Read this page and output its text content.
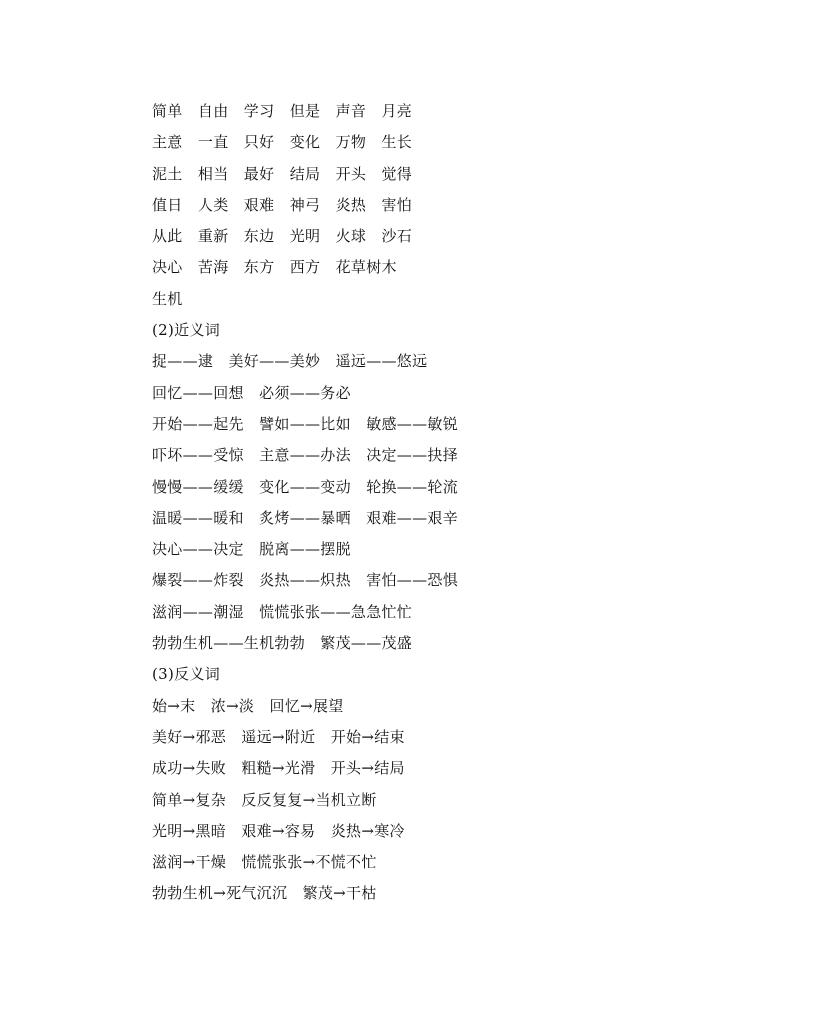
简单　自由　学习　但是　声音　月亮
主意　一直　只好　变化　万物　生长
泥土　相当　最好　结局　开头　觉得
值日　人类　艰难　神弓　炎热　害怕
从此　重新　东边　光明　火球　沙石
决心　苦海　东方　西方　花草树木
生机
(2)近义词
捉——逮　美好——美妙　遥远——悠远
回忆——回想　必须——务必
开始——起先　譬如——比如　敏感——敏锐
吓坏——受惊　主意——办法　决定——抉择
慢慢——缓缓　变化——变动　轮换——轮流
温暖——暖和　炙烤——暴晒　艰难——艰辛
决心——决定　脱离——摆脱
爆裂——炸裂　炎热——炽热　害怕——恐惧
滋润——潮湿　慌慌张张——急急忙忙
勃勃生机——生机勃勃　繁茂——茂盛
(3)反义词
始→末　浓→淡　回忆→展望
美好→邪恶　遥远→附近　开始→结束
成功→失败　粗糙→光滑　开头→结局
简单→复杂　反反复复→当机立断
光明→黑暗　艰难→容易　炎热→寒冷
滋润→干燥　慌慌张张→不慌不忙
勃勃生机→死气沉沉　繁茂→干枯
